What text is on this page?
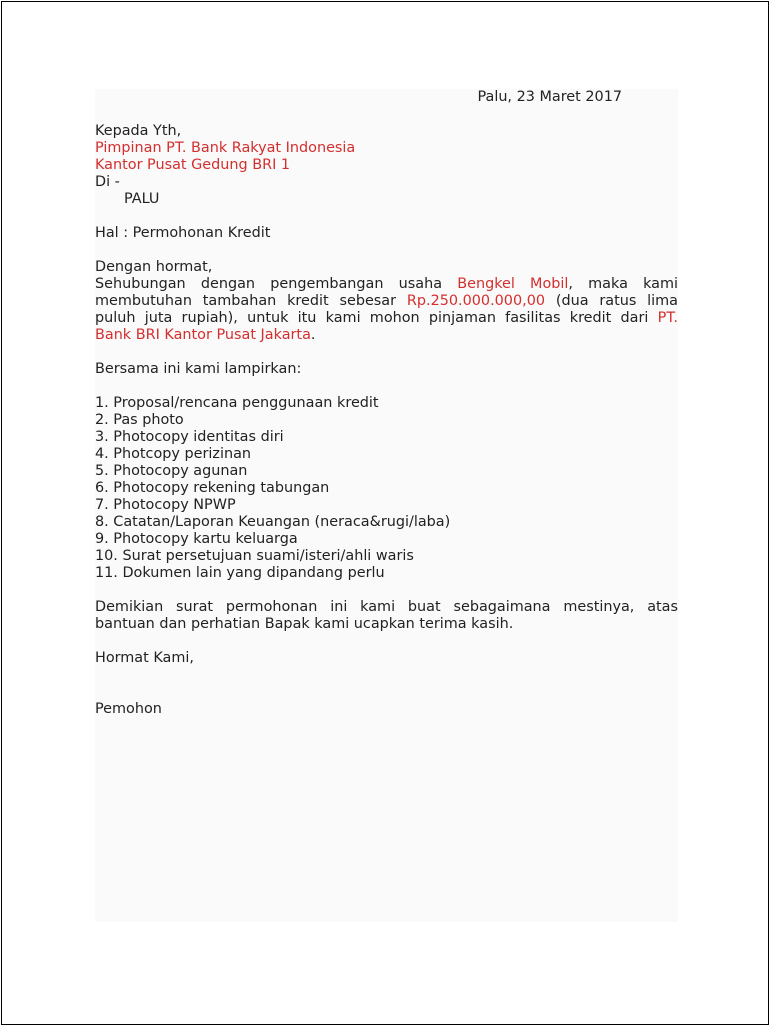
Palu, 23 Maret 2017
Kepada Yth,
Pimpinan PT. Bank Rakyat Indonesia
Kantor Pusat Gedung BRI 1
Di -
PALU
Hal : Permohonan Kredit
Dengan hormat,
Sehubungan dengan pengembangan usaha Bengkel Mobil, maka kami
membutuhan tambahan kredit sebesar Rp.250.000.000,00 (dua ratus lima
puluh juta rupiah), untuk itu kami mohon pinjaman fasilitas kredit dari PT.
Bank BRI Kantor Pusat Jakarta.
Bersama ini kami lampirkan:
1. Proposal/rencana penggunaan kredit
2. Pas photo
3. Photocopy identitas diri
4. Photcopy perizinan
5. Photocopy agunan
6. Photocopy rekening tabungan
7. Photocopy NPWP
8. Catatan/Laporan Keuangan (neraca&rugi/laba)
9. Photocopy kartu keluarga
10. Surat persetujuan suami/isteri/ahli waris
11. Dokumen lain yang dipandang perlu
Demikian surat permohonan ini kami buat sebagaimana mestinya, atas
bantuan dan perhatian Bapak kami ucapkan terima kasih.
Hormat Kami,
Pemohon
